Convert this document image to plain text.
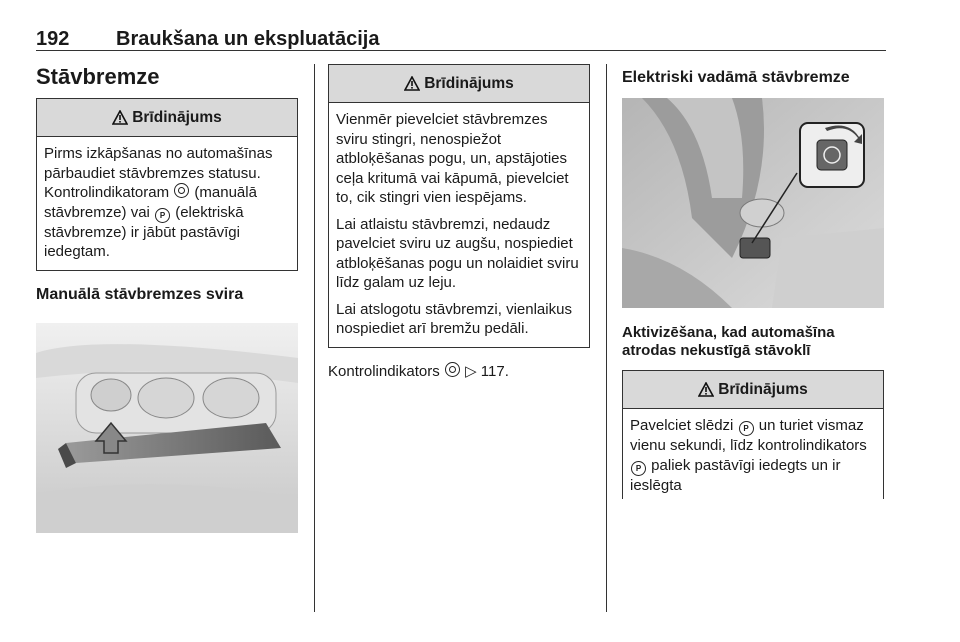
192 Braukšana un ekspluatācija
Stāvbremze
Brīdinājums
Pirms izkāpšanas no automašīnas pārbaudiet stāvbremzes statusu. Kontrolindikatoram (manuālā stāvbremze) vai P (elektriskā stāvbremze) ir jābūt pastāvīgi iedegtam.
Manuālā stāvbremzes svira
Brīdinājums

Vienmēr pievelciet stāvbremzes sviru stingri, nenospiežot atbloķēšanas pogu, un, apstājoties ceļa kritumā vai kāpumā, pievelciet to, cik stingri vien iespējams.

Lai atlaistu stāvbremzi, nedaudz pavelciet sviru uz augšu, nospiediet atbloķēšanas pogu un nolaidiet sviru līdz galam uz leju.

Lai atslogotu stāvbremzi, vienlaikus nospiediet arī bremžu pedāli.

Kontrolindikators ▷ 117.

Elektriski vadāmā stāvbremze
Aktivizēšana, kad automašīna atrodas nekustīgā stāvoklī
Brīdinājums
Pavelciet slēdzi P un turiet vismaz vienu sekundi, līdz kontrolindikators P paliek pastāvīgi iedegts un ir ieslēgta
